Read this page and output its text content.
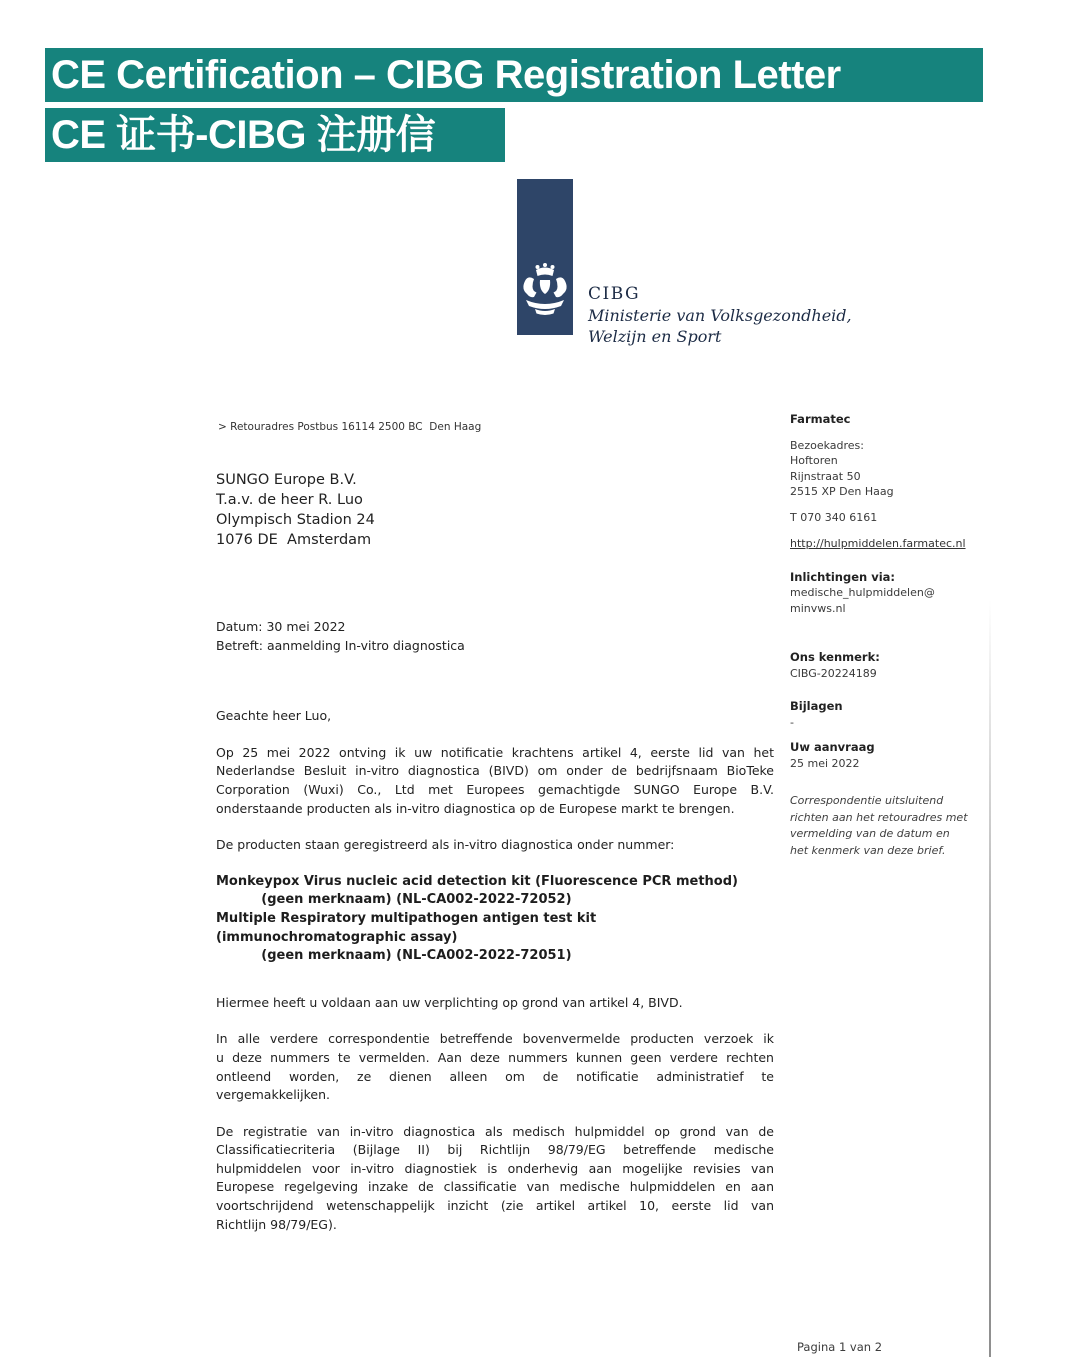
CE Certification – CIBG Registration Letter
CE 证书-CIBG 注册信
CIBG
Ministerie van Volksgezondheid,
Welzijn en Sport
> Retouradres Postbus 16114 2500 BC  Den Haag
SUNGO Europe B.V.
T.a.v. de heer R. Luo
Olympisch Stadion 24
1076 DE  Amsterdam
Farmatec
Bezoekadres:
Hoftoren
Rijnstraat 50
2515 XP Den Haag
T 070 340 6161
http://hulpmiddelen.farmatec.nl
Inlichtingen via:
medische_hulpmiddelen@
minvws.nl
Ons kenmerk:
CIBG-20224189
Bijlagen
-
Uw aanvraag
25 mei 2022
Correspondentie uitsluitend
richten aan het retouradres met
vermelding van de datum en
het kenmerk van deze brief.
Datum: 30 mei 2022
Betreft: aanmelding In-vitro diagnostica
Geachte heer Luo,
Op 25 mei 2022 ontving ik uw notificatie krachtens artikel 4, eerste lid van het
Nederlandse Besluit in-vitro diagnostica (BIVD) om onder de bedrijfsnaam BioTeke
Corporation (Wuxi) Co., Ltd met Europees gemachtigde SUNGO Europe B.V.
onderstaande producten als in-vitro diagnostica op de Europese markt te brengen.
De producten staan geregistreerd als in-vitro diagnostica onder nummer:
Monkeypox Virus nucleic acid detection kit (Fluorescence PCR method)
(geen merknaam) (NL-CA002-2022-72052)
Multiple Respiratory multipathogen antigen test kit
(immunochromatographic assay)
(geen merknaam) (NL-CA002-2022-72051)
Hiermee heeft u voldaan aan uw verplichting op grond van artikel 4, BIVD.
In alle verdere correspondentie betreffende bovenvermelde producten verzoek ik
u deze nummers te vermelden. Aan deze nummers kunnen geen verdere rechten
ontleend worden, ze dienen alleen om de notificatie administratief te
vergemakkelijken.
De registratie van in-vitro diagnostica als medisch hulpmiddel op grond van de
Classificatiecriteria (Bijlage II) bij Richtlijn 98/79/EG betreffende medische
hulpmiddelen voor in-vitro diagnostiek is onderhevig aan mogelijke revisies van
Europese regelgeving inzake de classificatie van medische hulpmiddelen en aan
voortschrijdend wetenschappelijk inzicht (zie artikel artikel 10, eerste lid van
Richtlijn 98/79/EG).
Pagina 1 van 2
